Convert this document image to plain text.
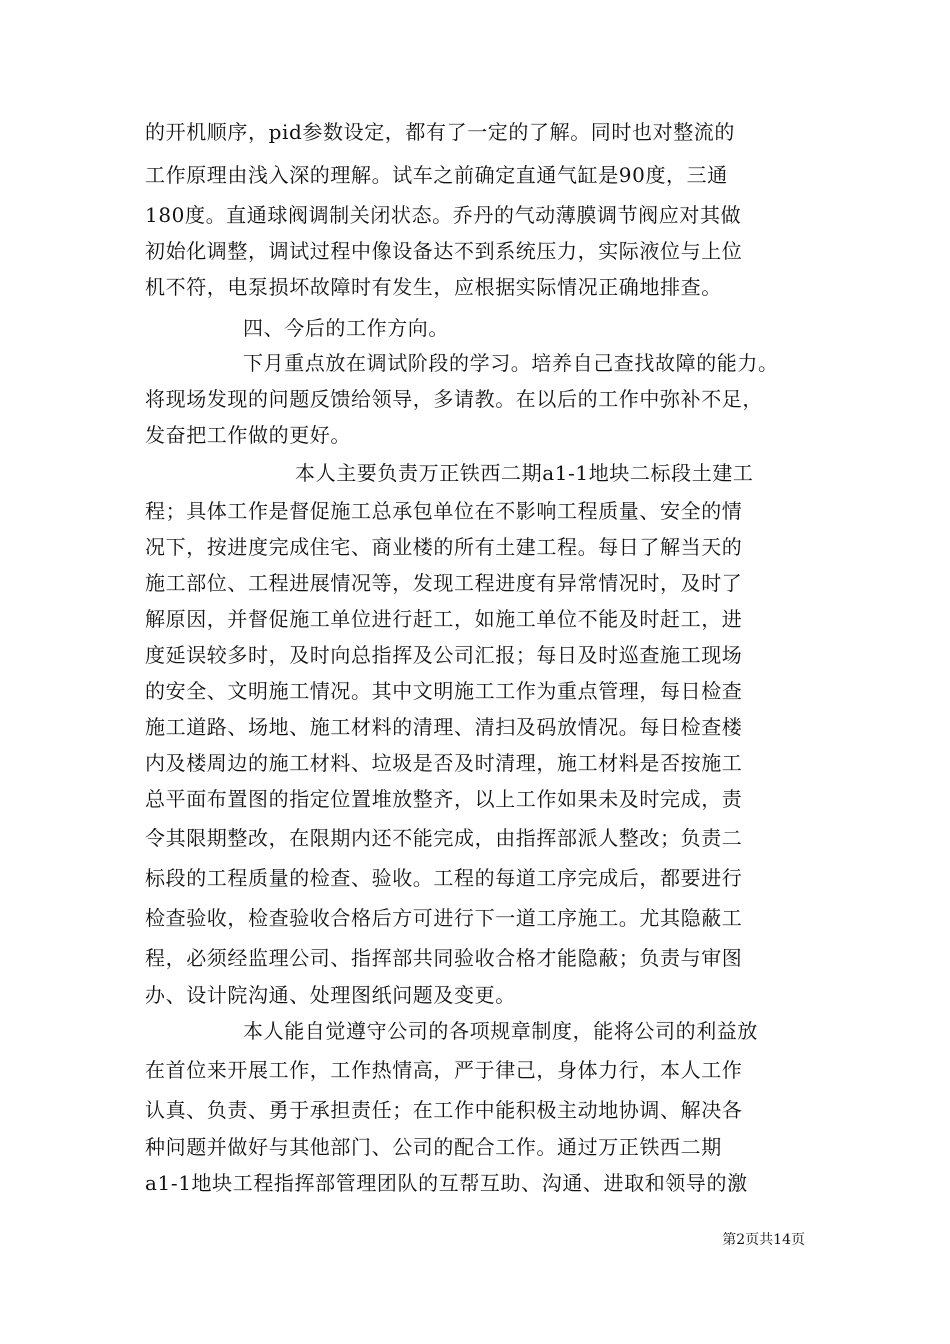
的开机顺序，pid参数设定，都有了一定的了解。同时也对整流的
工作原理由浅入深的理解。试车之前确定直通气缸是90度，三通
180度。直通球阀调制关闭状态。乔丹的气动薄膜调节阀应对其做
初始化调整，调试过程中像设备达不到系统压力，实际液位与上位
机不符，电泵损坏故障时有发生，应根据实际情况正确地排查。
四、今后的工作方向。
下月重点放在调试阶段的学习。培养自己查找故障的能力。
将现场发现的问题反馈给领导，多请教。在以后的工作中弥补不足，
发奋把工作做的更好。
本人主要负责万正铁西二期a1-1地块二标段土建工
程；具体工作是督促施工总承包单位在不影响工程质量、安全的情
况下，按进度完成住宅、商业楼的所有土建工程。每日了解当天的
施工部位、工程进展情况等，发现工程进度有异常情况时，及时了
解原因，并督促施工单位进行赶工，如施工单位不能及时赶工，进
度延误较多时，及时向总指挥及公司汇报；每日及时巡查施工现场
的安全、文明施工情况。其中文明施工工作为重点管理，每日检查
施工道路、场地、施工材料的清理、清扫及码放情况。每日检查楼
内及楼周边的施工材料、垃圾是否及时清理，施工材料是否按施工
总平面布置图的指定位置堆放整齐，以上工作如果未及时完成，责
令其限期整改，在限期内还不能完成，由指挥部派人整改；负责二
标段的工程质量的检查、验收。工程的每道工序完成后，都要进行
检查验收，检查验收合格后方可进行下一道工序施工。尤其隐蔽工
程，必须经监理公司、指挥部共同验收合格才能隐蔽；负责与审图
办、设计院沟通、处理图纸问题及变更。
本人能自觉遵守公司的各项规章制度，能将公司的利益放
在首位来开展工作，工作热情高，严于律己，身体力行，本人工作
认真、负责、勇于承担责任；在工作中能积极主动地协调、解决各
种问题并做好与其他部门、公司的配合工作。通过万正铁西二期
a1-1地块工程指挥部管理团队的互帮互助、沟通、进取和领导的激
第2页共14页
